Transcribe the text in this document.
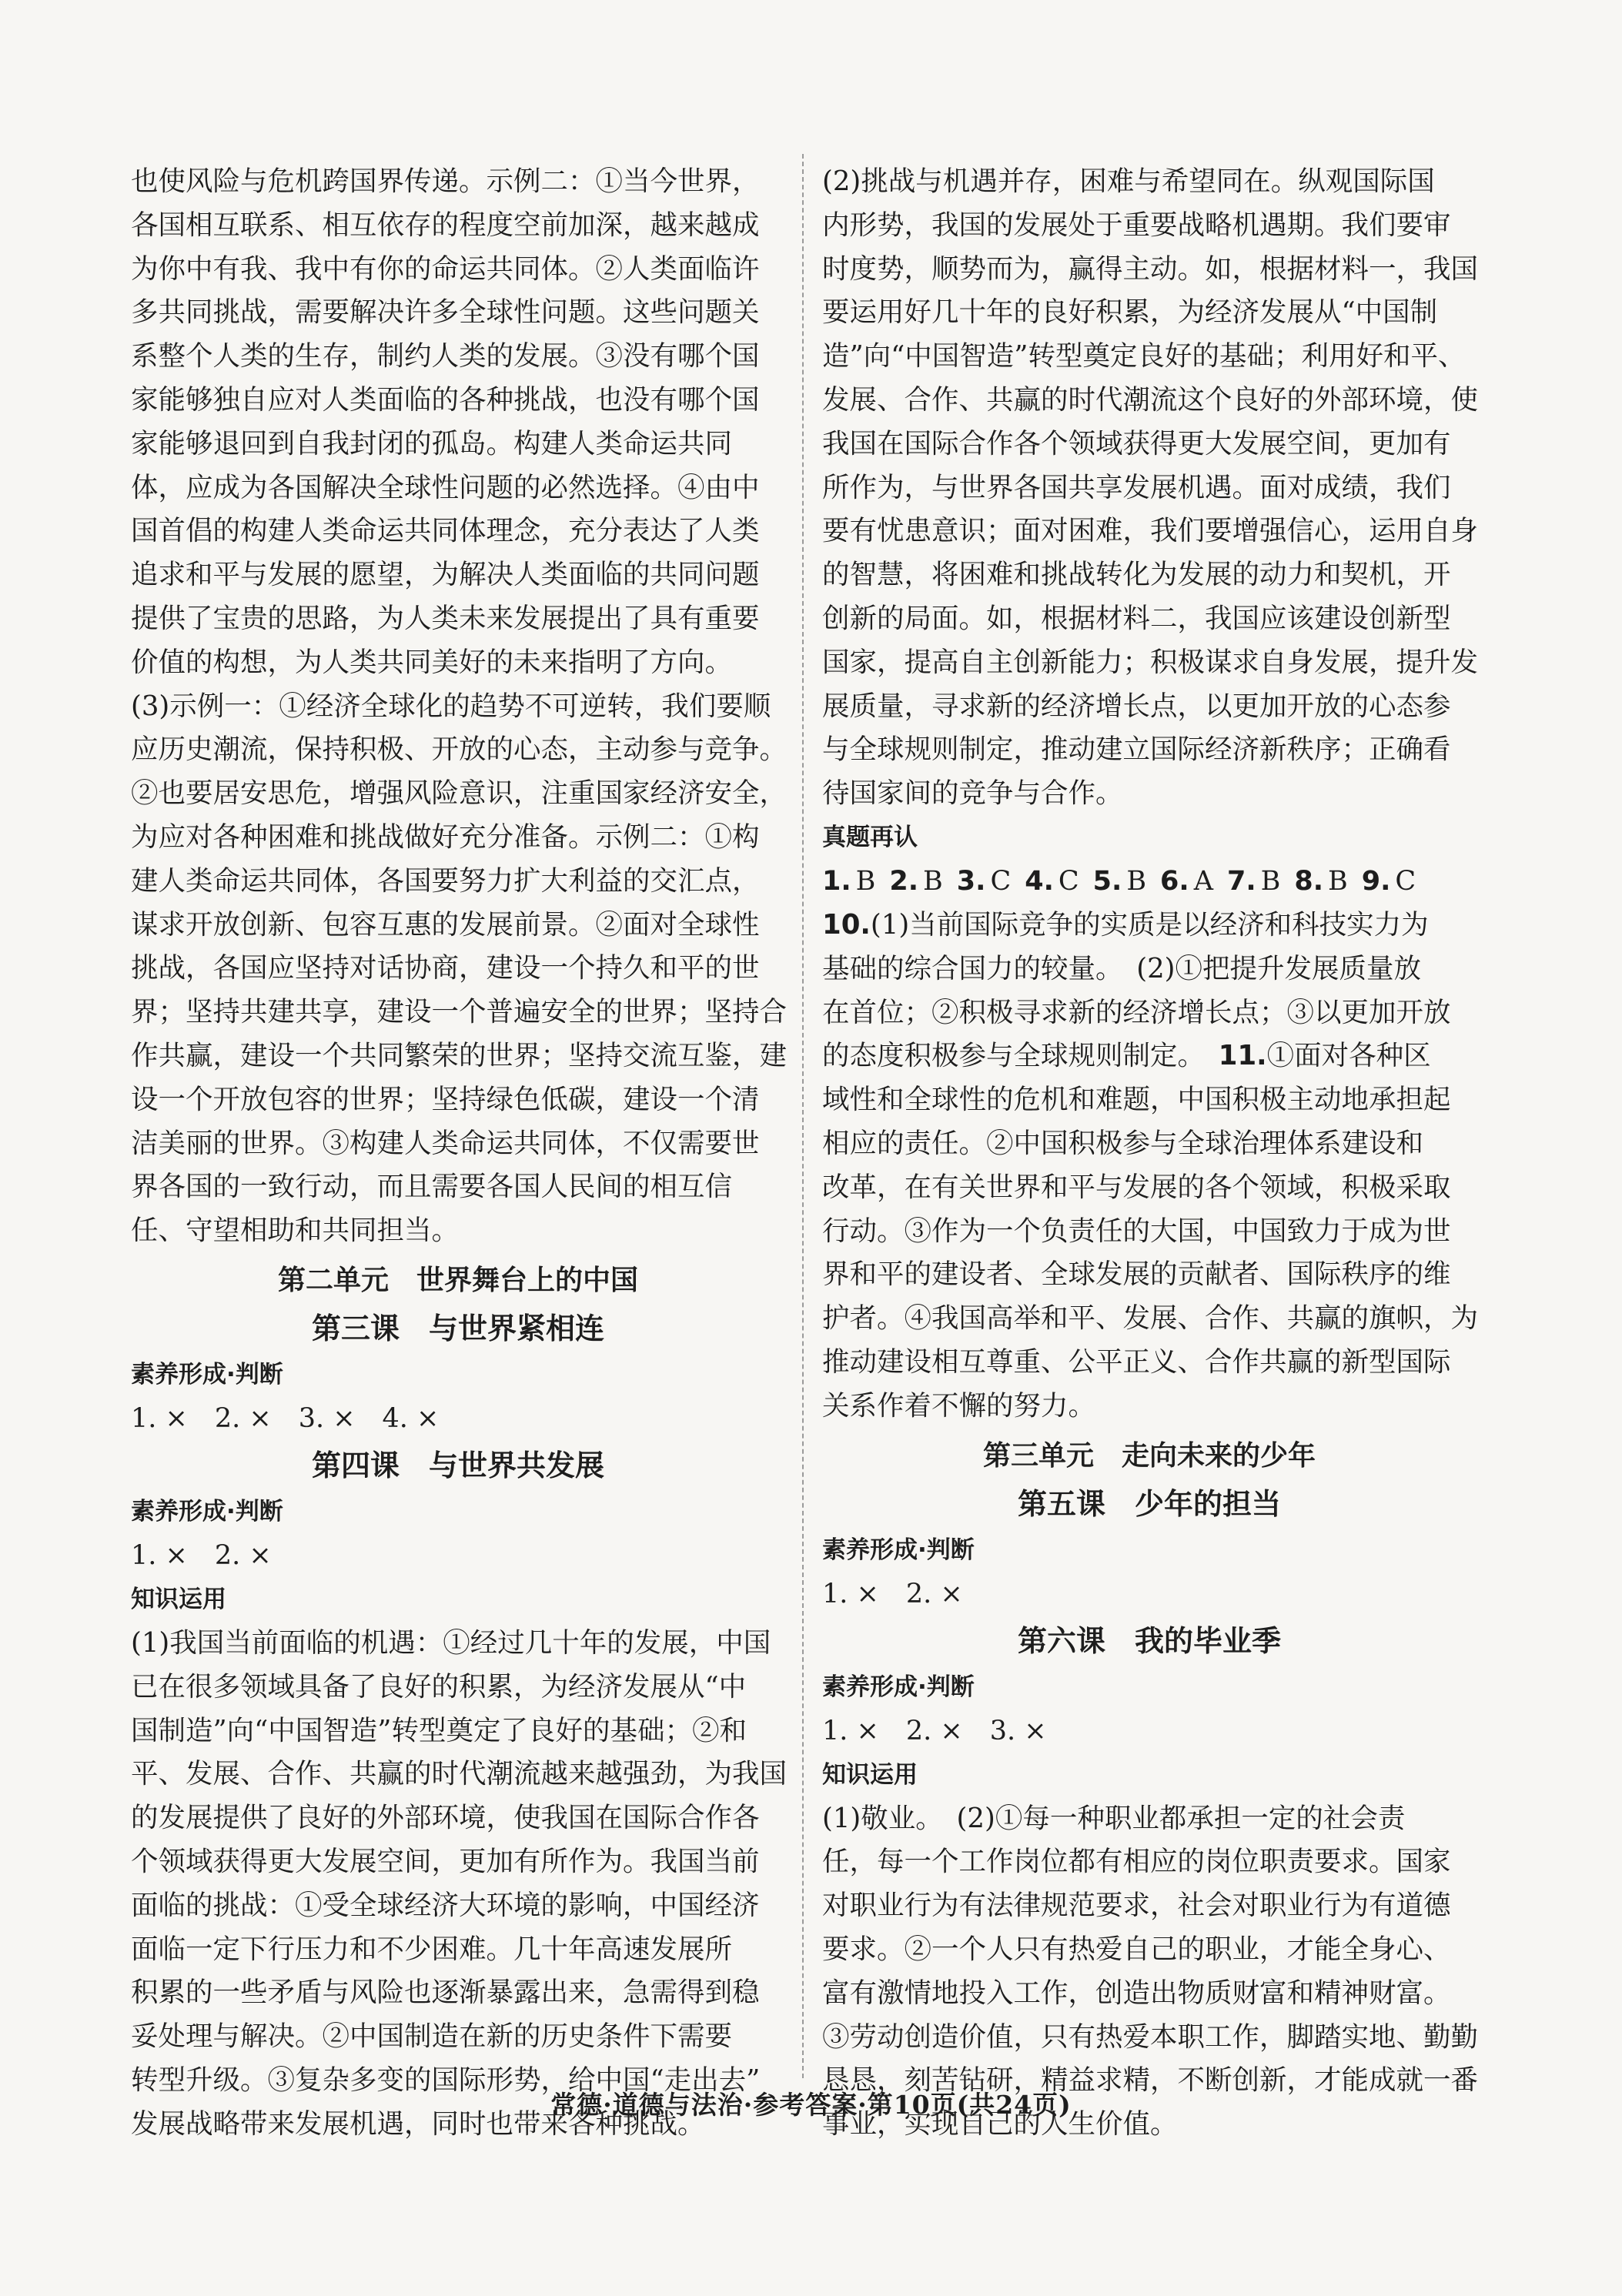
也使风险与危机跨国界传递。示例二：①当今世界，
各国相互联系、相互依存的程度空前加深，越来越成
为你中有我、我中有你的命运共同体。②人类面临许
多共同挑战，需要解决许多全球性问题。这些问题关
系整个人类的生存，制约人类的发展。③没有哪个国
家能够独自应对人类面临的各种挑战，也没有哪个国
家能够退回到自我封闭的孤岛。构建人类命运共同
体，应成为各国解决全球性问题的必然选择。④由中
国首倡的构建人类命运共同体理念，充分表达了人类
追求和平与发展的愿望，为解决人类面临的共同问题
提供了宝贵的思路，为人类未来发展提出了具有重要
价值的构想，为人类共同美好的未来指明了方向。
(3)示例一：①经济全球化的趋势不可逆转，我们要顺
应历史潮流，保持积极、开放的心态，主动参与竞争。
②也要居安思危，增强风险意识，注重国家经济安全，
为应对各种困难和挑战做好充分准备。示例二：①构
建人类命运共同体，各国要努力扩大利益的交汇点，
谋求开放创新、包容互惠的发展前景。②面对全球性
挑战，各国应坚持对话协商，建设一个持久和平的世
界；坚持共建共享，建设一个普遍安全的世界；坚持合
作共赢，建设一个共同繁荣的世界；坚持交流互鉴，建
设一个开放包容的世界；坚持绿色低碳，建设一个清
洁美丽的世界。③构建人类命运共同体，不仅需要世
界各国的一致行动，而且需要各国人民间的相互信
任、守望相助和共同担当。
第二单元　世界舞台上的中国
第三课　与世界紧相连
素养形成·判断
1. ×　2. ×　3. ×　4. ×
第四课　与世界共发展
素养形成·判断
1. ×　2. ×
知识运用
(1)我国当前面临的机遇：①经过几十年的发展，中国
已在很多领域具备了良好的积累，为经济发展从“中
国制造”向“中国智造”转型奠定了良好的基础；②和
平、发展、合作、共赢的时代潮流越来越强劲，为我国
的发展提供了良好的外部环境，使我国在国际合作各
个领域获得更大发展空间，更加有所作为。我国当前
面临的挑战：①受全球经济大环境的影响，中国经济
面临一定下行压力和不少困难。几十年高速发展所
积累的一些矛盾与风险也逐渐暴露出来，急需得到稳
妥处理与解决。②中国制造在新的历史条件下需要
转型升级。③复杂多变的国际形势，给中国“走出去”
发展战略带来发展机遇，同时也带来各种挑战。
(2)挑战与机遇并存，困难与希望同在。纵观国际国
内形势，我国的发展处于重要战略机遇期。我们要审
时度势，顺势而为，赢得主动。如，根据材料一，我国
要运用好几十年的良好积累，为经济发展从“中国制
造”向“中国智造”转型奠定良好的基础；利用好和平、
发展、合作、共赢的时代潮流这个良好的外部环境，使
我国在国际合作各个领域获得更大发展空间，更加有
所作为，与世界各国共享发展机遇。面对成绩，我们
要有忧患意识；面对困难，我们要增强信心，运用自身
的智慧，将困难和挑战转化为发展的动力和契机，开
创新的局面。如，根据材料二，我国应该建设创新型
国家，提高自主创新能力；积极谋求自身发展，提升发
展质量，寻求新的经济增长点，以更加开放的心态参
与全球规则制定，推动建立国际经济新秩序；正确看
待国家间的竞争与合作。
真题再认
1. B 2. B 3. C 4. C 5. B 6. A 7. B 8. B 9. C
10.(1)当前国际竞争的实质是以经济和科技实力为
基础的综合国力的较量。　(2)①把提升发展质量放
在首位；②积极寻求新的经济增长点；③以更加开放
的态度积极参与全球规则制定。　 11.①面对各种区
域性和全球性的危机和难题，中国积极主动地承担起
相应的责任。②中国积极参与全球治理体系建设和
改革，在有关世界和平与发展的各个领域，积极采取
行动。③作为一个负责任的大国，中国致力于成为世
界和平的建设者、全球发展的贡献者、国际秩序的维
护者。④我国高举和平、发展、合作、共赢的旗帜，为
推动建设相互尊重、公平正义、合作共赢的新型国际
关系作着不懈的努力。
第三单元　走向未来的少年
第五课　少年的担当
素养形成·判断
1. ×　2. ×
第六课　我的毕业季
素养形成·判断
1. ×　2. ×　3. ×
知识运用
(1)敬业。　(2)①每一种职业都承担一定的社会责
任，每一个工作岗位都有相应的岗位职责要求。国家
对职业行为有法律规范要求，社会对职业行为有道德
要求。②一个人只有热爱自己的职业，才能全身心、
富有激情地投入工作，创造出物质财富和精神财富。
③劳动创造价值，只有热爱本职工作，脚踏实地、勤勤
恳恳，刻苦钻研，精益求精，不断创新，才能成就一番
事业，实现自己的人生价值。
常德·道德与法治·参考答案·第10页(共24页)
